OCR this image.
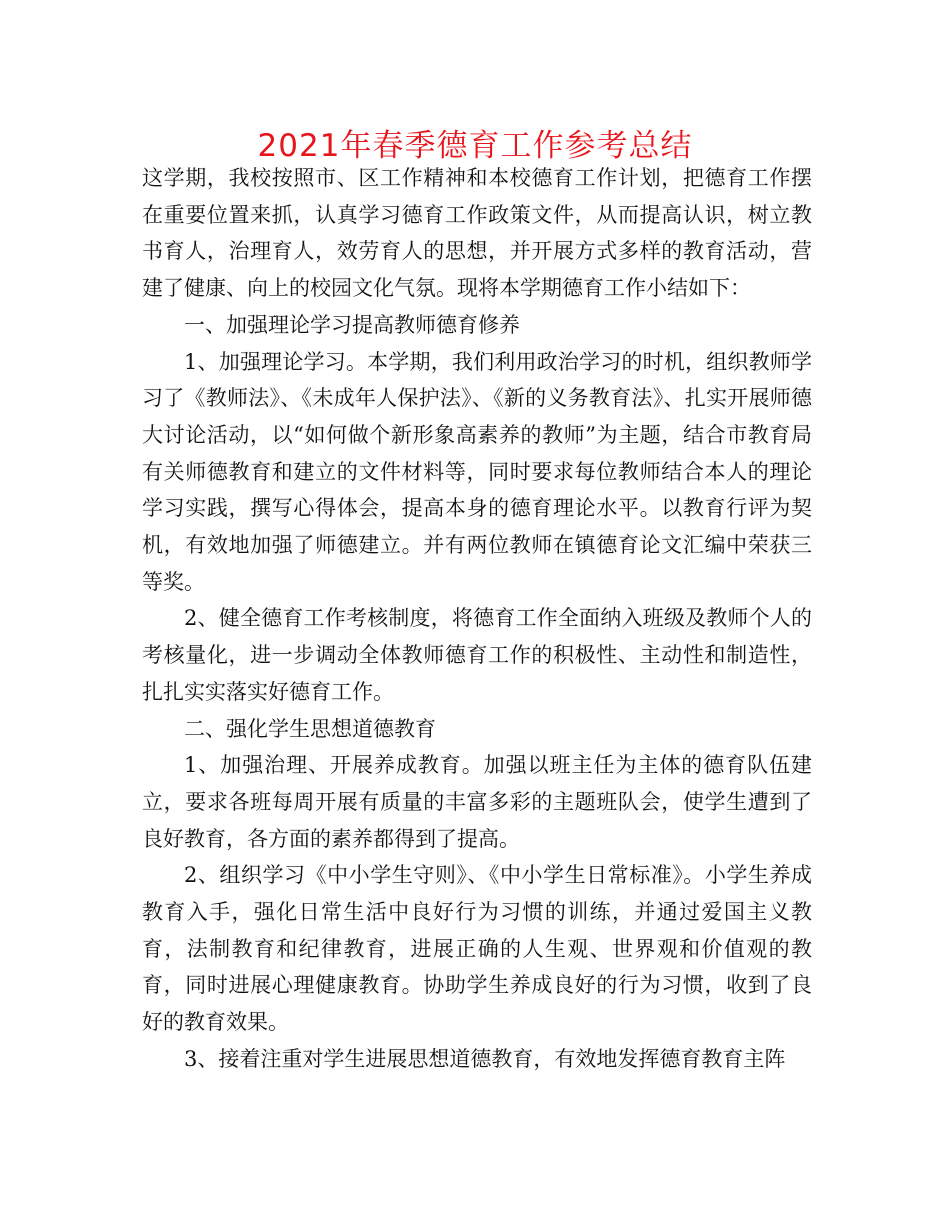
2021年春季德育工作参考总结

这学期，我校按照市、区工作精神和本校德育工作计划，把德育工作摆在重要位置来抓，认真学习德育工作政策文件，从而提高认识，树立教书育人，治理育人，效劳育人的思想，并开展方式多样的教育活动，营建了健康、向上的校园文化气氛。现将本学期德育工作小结如下：

一、加强理论学习提高教师德育修养

1、加强理论学习。本学期，我们利用政治学习的时机，组织教师学习了《教师法》、《未成年人保护法》、《新的义务教育法》、扎实开展师德大讨论活动，以“如何做个新形象高素养的教师”为主题，结合市教育局有关师德教育和建立的文件材料等，同时要求每位教师结合本人的理论学习实践，撰写心得体会，提高本身的德育理论水平。以教育行评为契机，有效地加强了师德建立。并有两位教师在镇德育论文汇编中荣获三等奖。

2、健全德育工作考核制度，将德育工作全面纳入班级及教师个人的考核量化，进一步调动全体教师德育工作的积极性、主动性和制造性，扎扎实实落实好德育工作。

二、强化学生思想道德教育

1、加强治理、开展养成教育。加强以班主任为主体的德育队伍建立，要求各班每周开展有质量的丰富多彩的主题班队会，使学生遭到了良好教育，各方面的素养都得到了提高。

2、组织学习《中小学生守则》、《中小学生日常标准》。小学生养成教育入手，强化日常生活中良好行为习惯的训练，并通过爱国主义教育，法制教育和纪律教育，进展正确的人生观、世界观和价值观的教育，同时进展心理健康教育。协助学生养成良好的行为习惯，收到了良好的教育效果。

3、接着注重对学生进展思想道德教育，有效地发挥德育教育主阵
